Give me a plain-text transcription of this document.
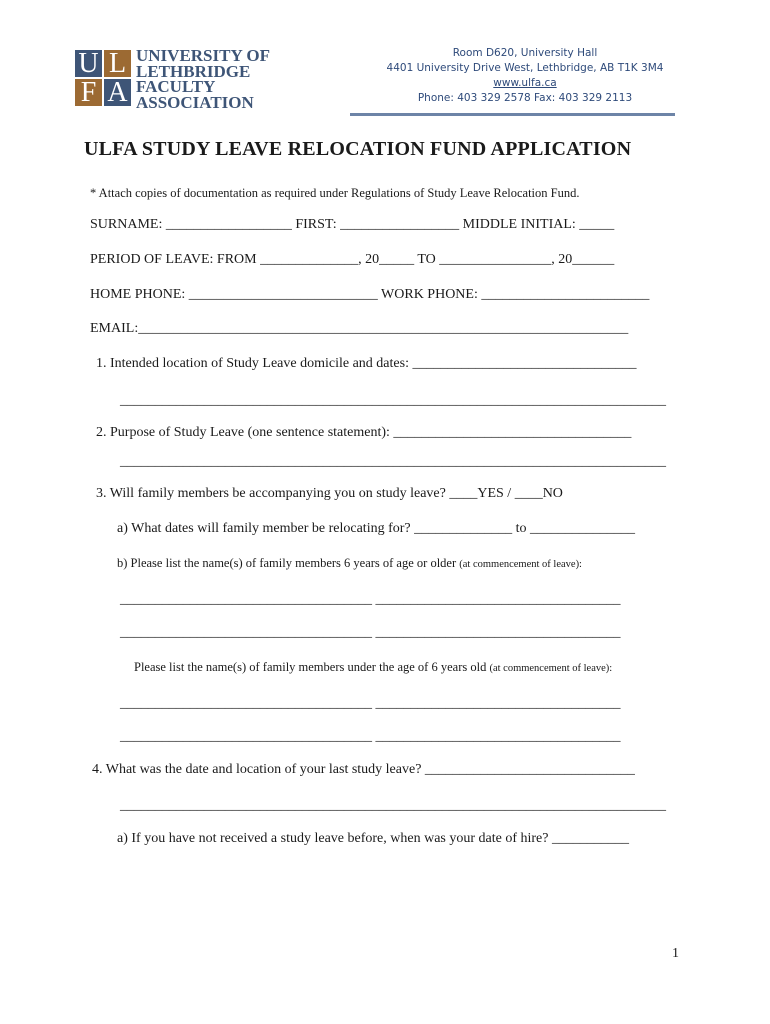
U L
F A
UNIVERSITY OF
LETHBRIDGE
FACULTY
ASSOCIATION
Room D620, University Hall
4401 University Drive West, Lethbridge, AB T1K 3M4
www.ulfa.ca
Phone: 403 329 2578 Fax: 403 329 2113
ULFA STUDY LEAVE RELOCATION FUND APPLICATION
* Attach copies of documentation as required under Regulations of Study Leave Relocation Fund.
SURNAME: __________________ FIRST: _________________ MIDDLE INITIAL: _____
PERIOD OF LEAVE: FROM ______________, 20_____ TO ________________, 20______
HOME PHONE: ___________________________ WORK PHONE: ________________________
EMAIL:______________________________________________________________________
1. Intended location of Study Leave domicile and dates: ________________________________
______________________________________________________________________________
2. Purpose of Study Leave (one sentence statement): __________________________________
______________________________________________________________________________
3. Will family members be accompanying you on study leave? ____YES / ____NO
a) What dates will family member be relocating for? ______________ to _______________
b) Please list the name(s) of family members 6 years of age or older (at commencement of leave):
____________________________________ ___________________________________
____________________________________ ___________________________________
Please list the name(s) of family members under the age of 6 years old (at commencement of leave):
____________________________________ ___________________________________
____________________________________ ___________________________________
4. What was the date and location of your last study leave? ______________________________
______________________________________________________________________________
a) If you have not received a study leave before, when was your date of hire? ___________
1
